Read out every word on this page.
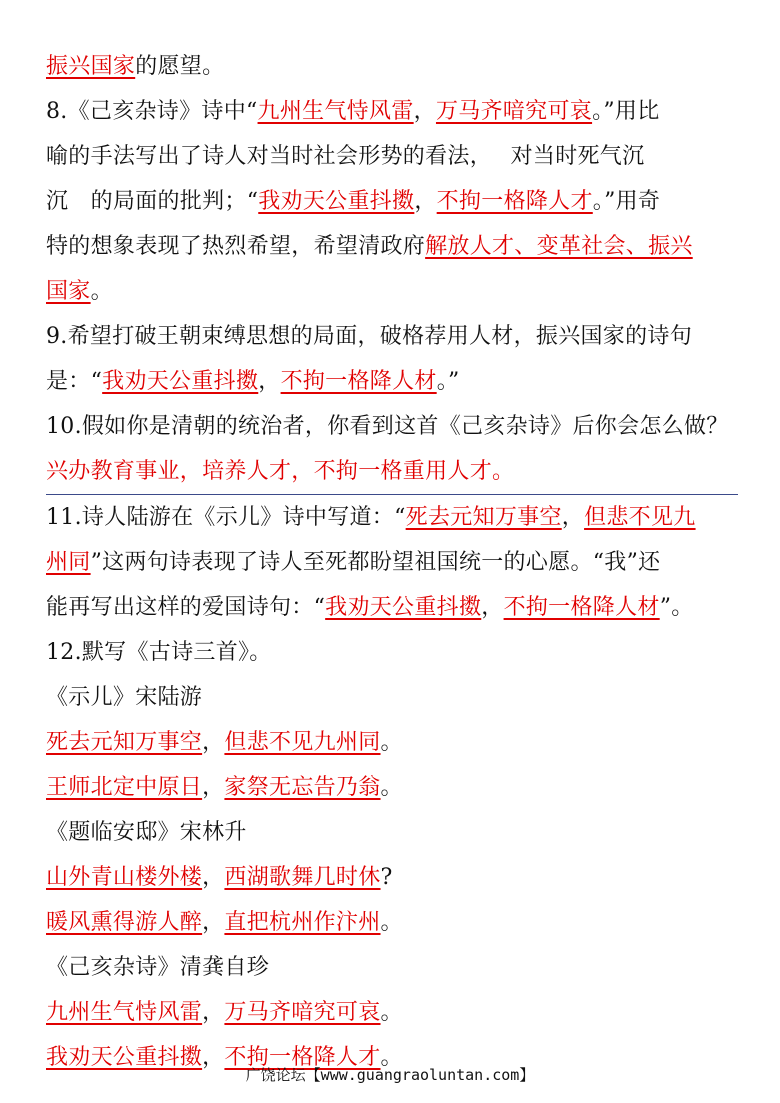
振兴国家的愿望。
8.《己亥杂诗》诗中“九州生气恃风雷，万马齐喑究可哀。”用比
喻的手法写出了诗人对当时社会形势的看法，　 对当时死气沉
沉　的局面的批判；“我劝天公重抖擞，不拘一格降人才。”用奇
特的想象表现了热烈希望，希望清政府解放人才、变革社会、振兴
国家。
9.希望打破王朝束缚思想的局面，破格荐用人材，振兴国家的诗句
是：“我劝天公重抖擞，不拘一格降人材。”
10.假如你是清朝的统治者，你看到这首《己亥杂诗》后你会怎么做？
兴办教育事业，培养人才，不拘一格重用人才。
11.诗人陆游在《示儿》诗中写道：“死去元知万事空，但悲不见九
州同”这两句诗表现了诗人至死都盼望祖国统一的心愿。“我”还
能再写出这样的爱国诗句：“我劝天公重抖擞，不拘一格降人材”。
12.默写《古诗三首》。
《示儿》宋陆游
死去元知万事空，但悲不见九州同。
王师北定中原日，家祭无忘告乃翁。
《题临安邸》宋林升
山外青山楼外楼，西湖歌舞几时休?
暖风熏得游人醉，直把杭州作汴州。
《己亥杂诗》清龚自珍
九州生气恃风雷，万马齐喑究可哀。
我劝天公重抖擞，不拘一格降人才。
广饶论坛【www.guangraoluntan.com】
